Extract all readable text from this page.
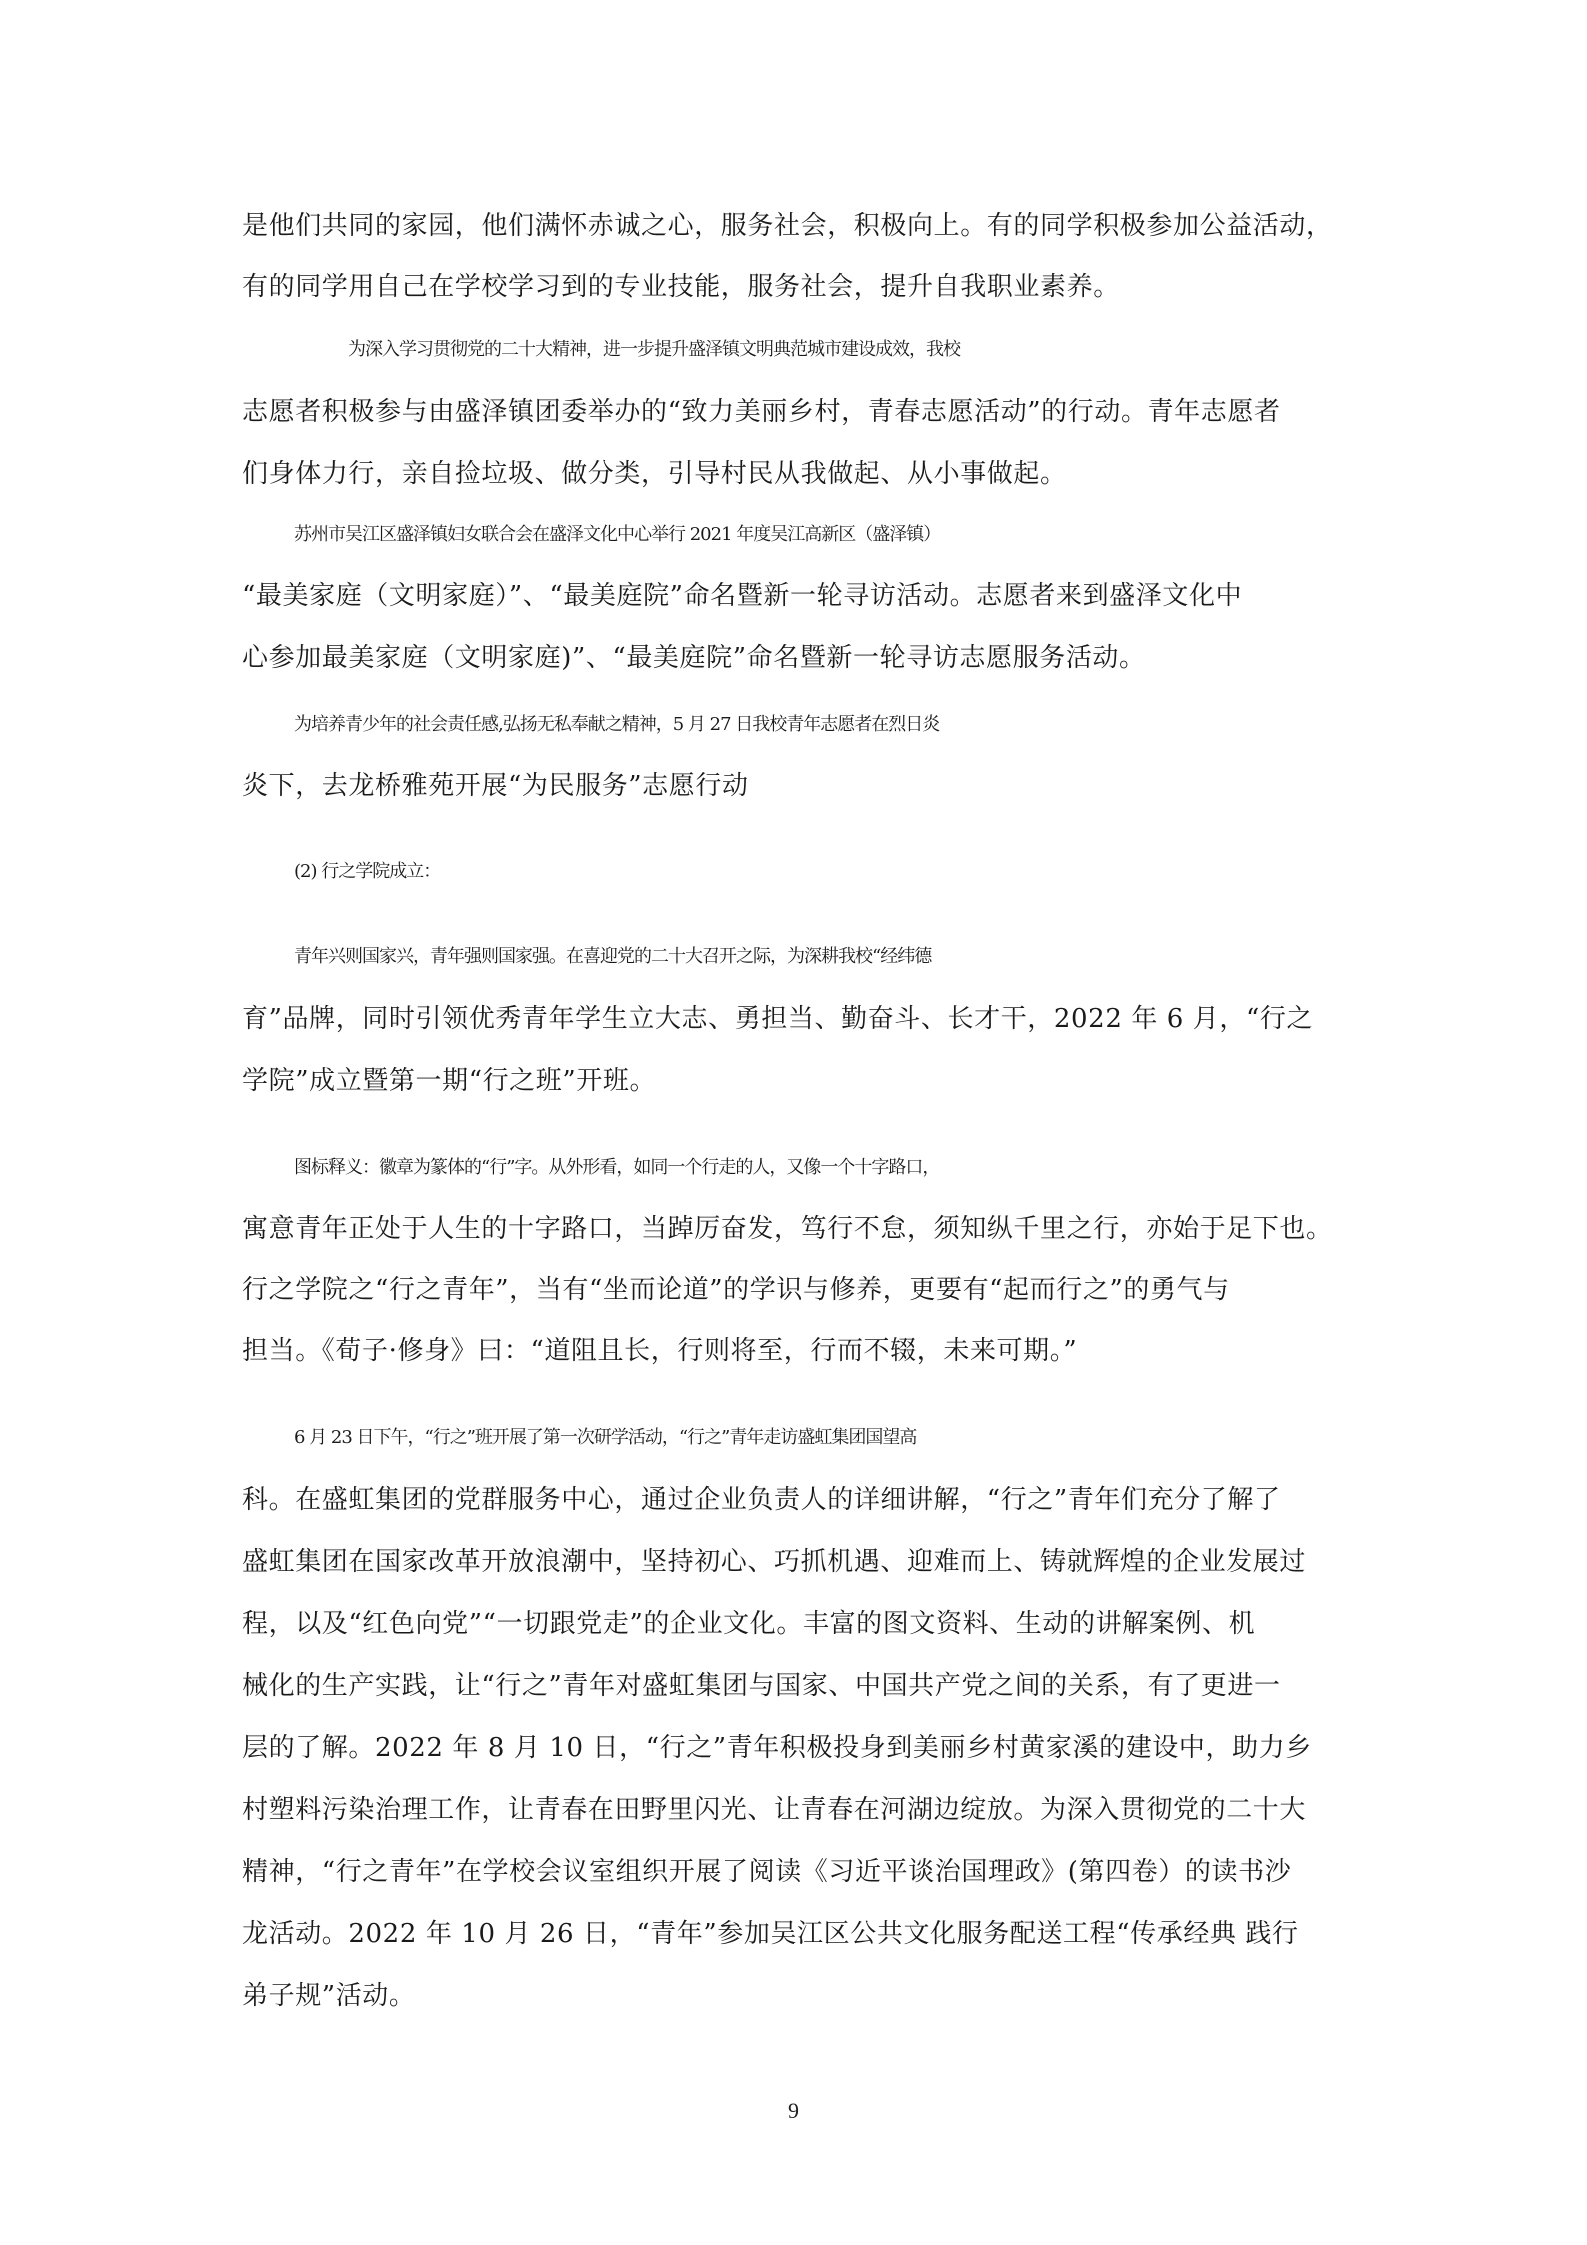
是他们共同的家园，他们满怀赤诚之心，服务社会，积极向上。有的同学积极参加公益活动，

有的同学用自己在学校学习到的专业技能，服务社会，提升自我职业素养。

为深入学习贯彻党的二十大精神，进一步提升盛泽镇文明典范城市建设成效，我校

志愿者积极参与由盛泽镇团委举办的“致力美丽乡村，青春志愿活动”的行动。青年志愿者

们身体力行，亲自捡垃圾、做分类，引导村民从我做起、从小事做起。

苏州市吴江区盛泽镇妇女联合会在盛泽文化中心举行 2021 年度吴江高新区（盛泽镇）

“最美家庭（文明家庭）”、“最美庭院”命名暨新一轮寻访活动。志愿者来到盛泽文化中

心参加最美家庭（文明家庭)”、“最美庭院”命名暨新一轮寻访志愿服务活动。

为培养青少年的社会责任感,弘扬无私奉献之精神，5 月 27 日我校青年志愿者在烈日炎

炎下，去龙桥雅苑开展“为民服务”志愿行动

(2) 行之学院成立：

青年兴则国家兴，青年强则国家强。在喜迎党的二十大召开之际，为深耕我校“经纬德

育”品牌，同时引领优秀青年学生立大志、勇担当、勤奋斗、长才干，2022 年 6 月，“行之

学院”成立暨第一期“行之班”开班。

图标释义：徽章为篆体的“行”字。从外形看，如同一个行走的人，又像一个十字路口，

寓意青年正处于人生的十字路口，当踔厉奋发，笃行不怠，须知纵千里之行，亦始于足下也。

行之学院之“行之青年”，当有“坐而论道”的学识与修养，更要有“起而行之”的勇气与

担当。《荀子·修身》曰：“道阻且长，行则将至，行而不辍，未来可期。”

6 月 23 日下午，“行之”班开展了第一次研学活动，“行之”青年走访盛虹集团国望高

科。在盛虹集团的党群服务中心，通过企业负责人的详细讲解，“行之”青年们充分了解了

盛虹集团在国家改革开放浪潮中，坚持初心、巧抓机遇、迎难而上、铸就辉煌的企业发展过

程，以及“红色向党”“一切跟党走”的企业文化。丰富的图文资料、生动的讲解案例、机

械化的生产实践，让“行之”青年对盛虹集团与国家、中国共产党之间的关系，有了更进一

层的了解。2022 年 8 月 10 日，“行之”青年积极投身到美丽乡村黄家溪的建设中，助力乡

村塑料污染治理工作，让青春在田野里闪光、让青春在河湖边绽放。为深入贯彻党的二十大

精神，“行之青年”在学校会议室组织开展了阅读《习近平谈治国理政》(第四卷）的读书沙

龙活动。2022 年 10 月 26 日，“青年”参加吴江区公共文化服务配送工程“传承经典 践行

弟子规”活动。

9
